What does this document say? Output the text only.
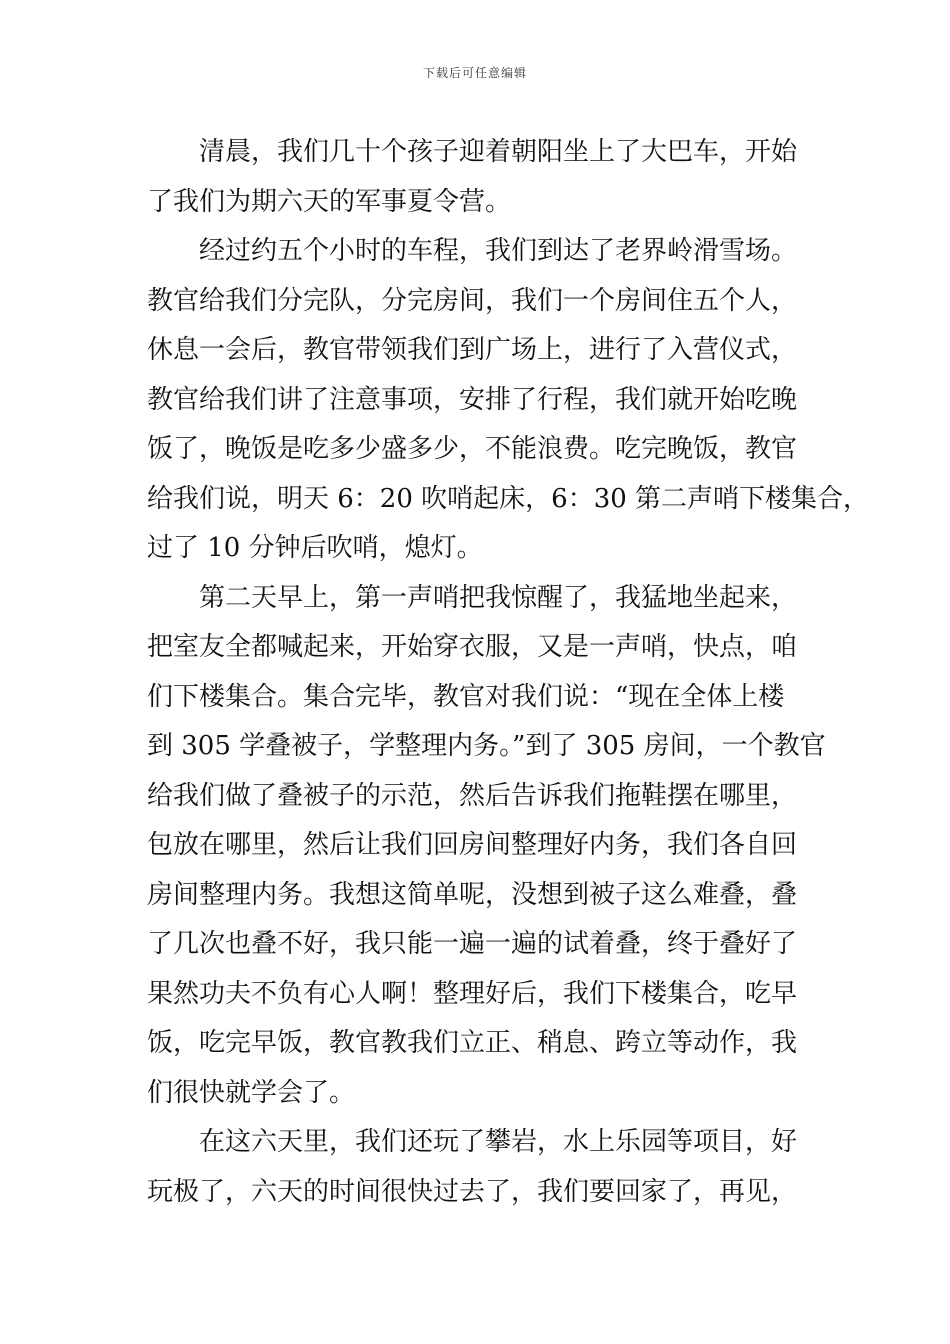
下载后可任意编辑
清晨，我们几十个孩子迎着朝阳坐上了大巴车，开始
了我们为期六天的军事夏令营。
经过约五个小时的车程，我们到达了老界岭滑雪场。
教官给我们分完队，分完房间，我们一个房间住五个人，
休息一会后，教官带领我们到广场上，进行了入营仪式，
教官给我们讲了注意事项，安排了行程，我们就开始吃晚
饭了，晚饭是吃多少盛多少，不能浪费。吃完晚饭，教官
给我们说，明天 6：20 吹哨起床，6：30 第二声哨下楼集合，
过了 10 分钟后吹哨，熄灯。
第二天早上，第一声哨把我惊醒了，我猛地坐起来，
把室友全都喊起来，开始穿衣服，又是一声哨，快点，咱
们下楼集合。集合完毕，教官对我们说：“现在全体上楼
到 305 学叠被子，学整理内务。”到了 305 房间，一个教官
给我们做了叠被子的示范，然后告诉我们拖鞋摆在哪里，
包放在哪里，然后让我们回房间整理好内务，我们各自回
房间整理内务。我想这简单呢，没想到被子这么难叠，叠
了几次也叠不好，我只能一遍一遍的试着叠，终于叠好了
果然功夫不负有心人啊！整理好后，我们下楼集合，吃早
饭，吃完早饭，教官教我们立正、稍息、跨立等动作，我
们很快就学会了。
在这六天里，我们还玩了攀岩，水上乐园等项目，好
玩极了，六天的时间很快过去了，我们要回家了，再见，
